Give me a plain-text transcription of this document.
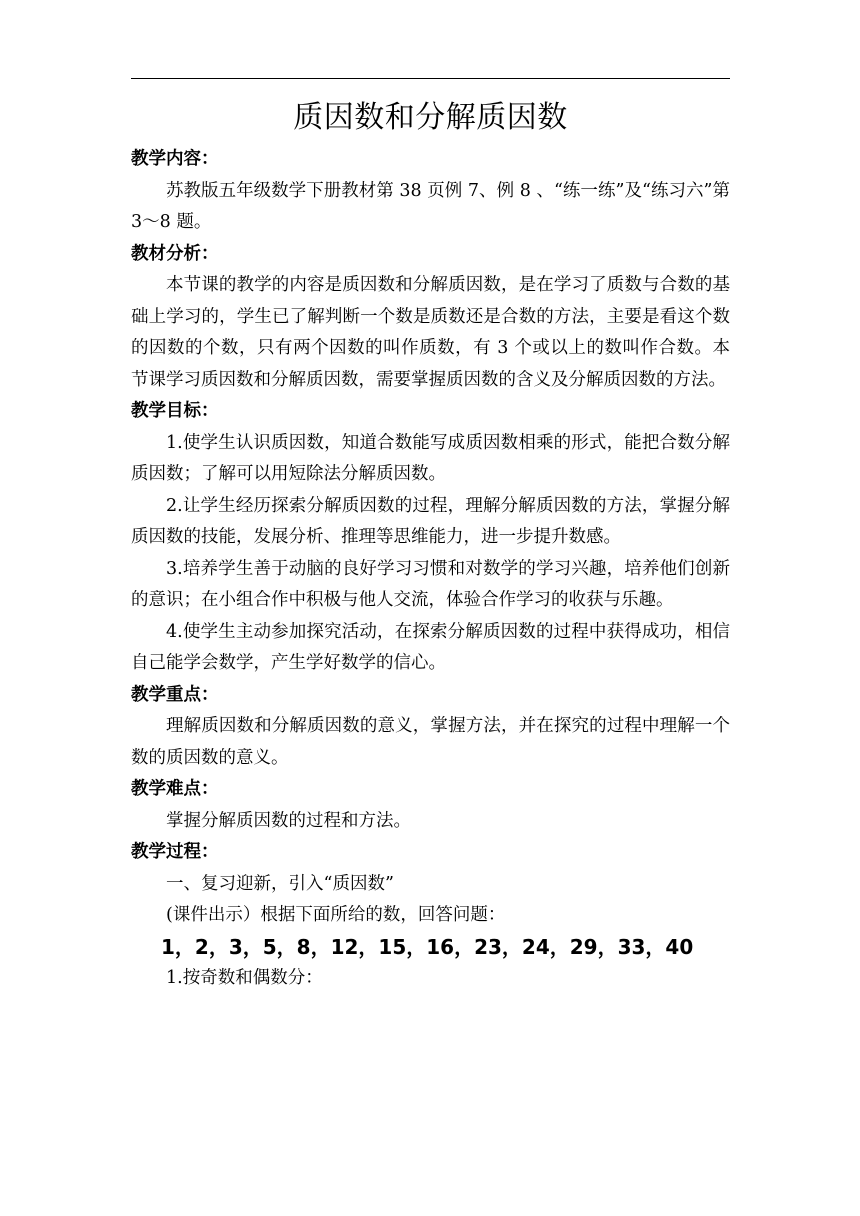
质因数和分解质因数

教学内容：

苏教版五年级数学下册教材第 38 页例 7、例 8 、“练一练”及“练习六”第 3～8 题。

教材分析：

本节课的教学的内容是质因数和分解质因数，是在学习了质数与合数的基础上学习的，学生已了解判断一个数是质数还是合数的方法，主要是看这个数的因数的个数，只有两个因数的叫作质数，有 3 个或以上的数叫作合数。本节课学习质因数和分解质因数，需要掌握质因数的含义及分解质因数的方法。

教学目标：

1.使学生认识质因数，知道合数能写成质因数相乘的形式，能把合数分解质因数；了解可以用短除法分解质因数。

2.让学生经历探索分解质因数的过程，理解分解质因数的方法，掌握分解质因数的技能，发展分析、推理等思维能力，进一步提升数感。

3.培养学生善于动脑的良好学习习惯和对数学的学习兴趣，培养他们创新的意识；在小组合作中积极与他人交流，体验合作学习的收获与乐趣。

4.使学生主动参加探究活动，在探索分解质因数的过程中获得成功，相信自己能学会数学，产生学好数学的信心。

教学重点：

理解质因数和分解质因数的意义，掌握方法，并在探究的过程中理解一个数的质因数的意义。

教学难点：

掌握分解质因数的过程和方法。

教学过程：

一、复习迎新，引入“质因数”

(课件出示）根据下面所给的数，回答问题：

1，2，3，5，8，12，15，16，23，24，29，33，40

1.按奇数和偶数分：
